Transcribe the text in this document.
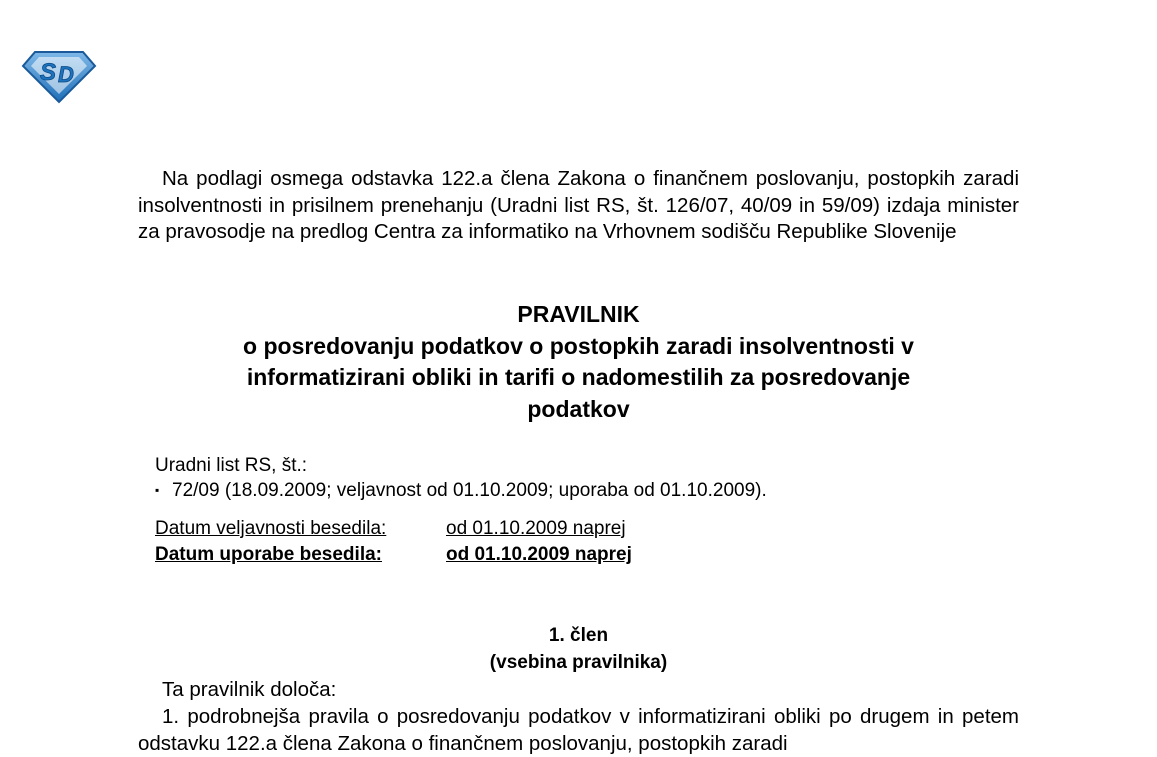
S D

Na podlagi osmega odstavka 122.a člena Zakona o finančnem poslovanju, postopkih zaradi insolventnosti in prisilnem prenehanju (Uradni list RS, št. 126/07, 40/09 in 59/09) izdaja minister za pravosodje na predlog Centra za informatiko na Vrhovnem sodišču Republike Slovenije

PRAVILNIK
o posredovanju podatkov o postopkih zaradi insolventnosti v
informatizirani obliki in tarifi o nadomestilih za posredovanje
podatkov
Uradni list RS, št.:
▪ 72/09 (18.09.2009; veljavnost od 01.10.2009; uporaba od 01.10.2009).
Datum veljavnosti besedila:	od 01.10.2009 naprej
Datum uporabe besedila:	od 01.10.2009 naprej
1. člen
(vsebina pravilnika)

Ta pravilnik določa:

1. podrobnejša pravila o posredovanju podatkov v informatizirani obliki po drugem in petem odstavku 122.a člena Zakona o finančnem poslovanju, postopkih zaradi
